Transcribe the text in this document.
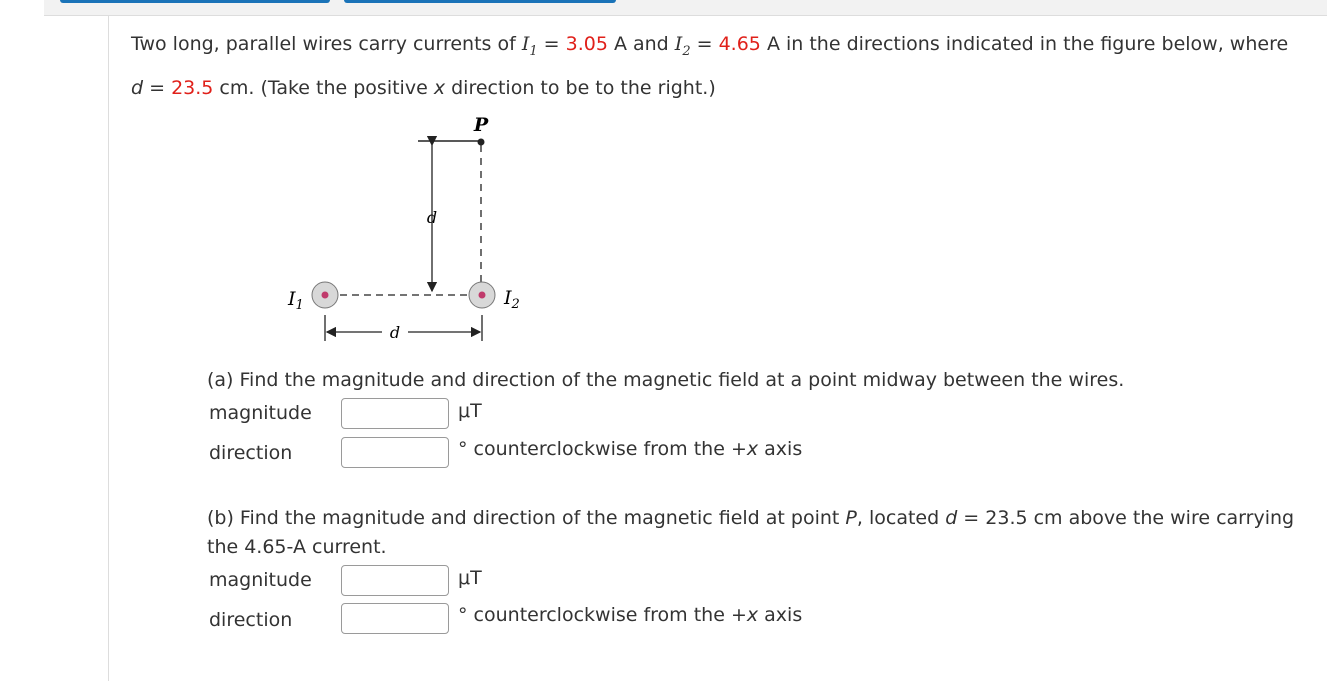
Two long, parallel wires carry currents of $I_1 = 3.05$ A and $I_2 = 4.65$ A in the directions indicated in the figure below, where
d = 23.5 cm. (Take the positive x direction to be to the right.)
P
d
$I_1$	$I_2$
d
(a) Find the magnitude and direction of the magnetic field at a point midway between the wires.
magnitude	μT
direction	° counterclockwise from the +x axis
(b) Find the magnitude and direction of the magnetic field at point P, located d = 23.5 cm above the wire carrying the 4.65-A current.
magnitude	μT
direction	° counterclockwise from the +x axis
